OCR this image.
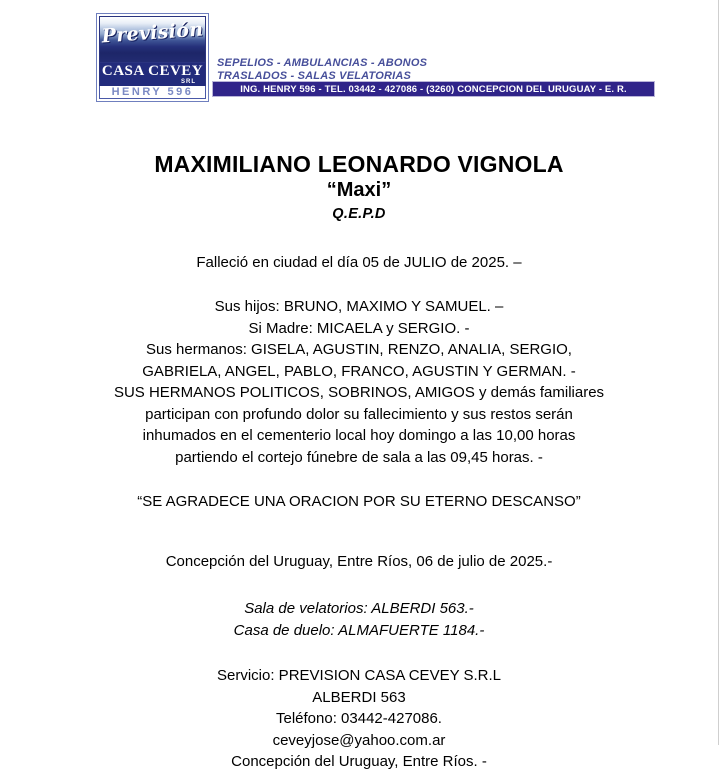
Previsión
CASA CEVEY
SRL
HENRY 596
SEPELIOS - AMBULANCIAS - ABONOS
TRASLADOS - SALAS VELATORIAS
ING. HENRY 596 - TEL. 03442 - 427086 - (3260) CONCEPCION DEL URUGUAY - E. R.
MAXIMILIANO LEONARDO VIGNOLA
“Maxi”
Q.E.P.D
Falleció en ciudad el día 05 de JULIO de 2025. –
Sus hijos: BRUNO, MAXIMO Y SAMUEL. –
Si Madre: MICAELA y SERGIO. -
Sus hermanos: GISELA, AGUSTIN, RENZO, ANALIA, SERGIO,
GABRIELA, ANGEL, PABLO, FRANCO, AGUSTIN Y GERMAN. -
SUS HERMANOS POLITICOS, SOBRINOS, AMIGOS y demás familiares
participan con profundo dolor su fallecimiento y sus restos serán
inhumados en el cementerio local hoy domingo a las 10,00 horas
partiendo el cortejo fúnebre de sala a las 09,45 horas. -
“SE AGRADECE UNA ORACION POR SU ETERNO DESCANSO”
Concepción del Uruguay, Entre Ríos, 06 de julio de 2025.-
Sala de velatorios: ALBERDI 563.-
Casa de duelo: ALMAFUERTE 1184.-
Servicio: PREVISION CASA CEVEY S.R.L
ALBERDI 563
Teléfono: 03442-427086.
ceveyjose@yahoo.com.ar
Concepción del Uruguay, Entre Ríos. -
